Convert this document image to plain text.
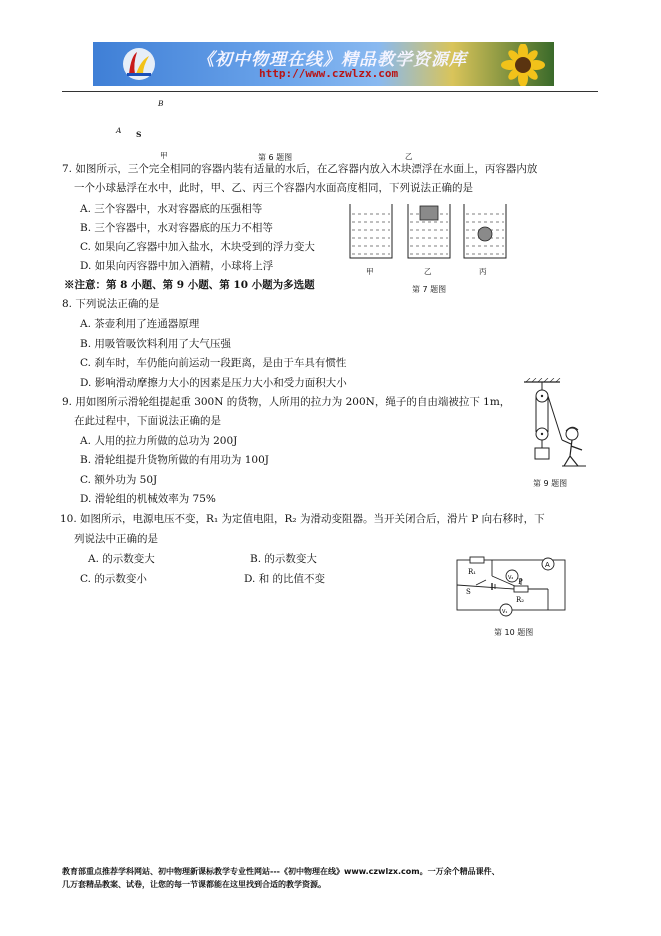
《初中物理在线》精品教学资源库
http://www.czwlzx.com
B
A S
甲	第 6 题图	乙
7. 如图所示，三个完全相同的容器内装有适量的水后，在乙容器内放入木块漂浮在水面上，丙容器内放
一个小球悬浮在水中，此时，甲、乙、丙三个容器内水面高度相同，下列说法正确的是
A. 三个容器中，水对容器底的压强相等
B. 三个容器中，水对容器底的压力不相等
C. 如果向乙容器中加入盐水，木块受到的浮力变大
D. 如果向丙容器中加入酒精，小球将上浮	甲	乙	丙
第 7 题图
※注意：第 8 小题、第 9 小题、第 10 小题为多选题
8. 下列说法正确的是
A. 茶壶利用了连通器原理
B. 用吸管吸饮料利用了大气压强
C. 刹车时，车仍能向前运动一段距离，是由于车具有惯性
D. 影响滑动摩擦力大小的因素是压力大小和受力面积大小
9. 用如图所示滑轮组提起重 300N 的货物，人所用的拉力为 200N，绳子的自由端被拉下 1m，
在此过程中，下面说法正确的是
A. 人用的拉力所做的总功为 200J
B. 滑轮组提升货物所做的有用功为 100J
C. 额外功为 50J
D. 滑轮组的机械效率为 75%
第 9 题图
10. 如图所示，电源电压不变，R₁ 为定值电阻，R₂ 为滑动变阻器。当开关闭合后，滑片 P 向右移时，下
列说法中正确的是
A. 的示数变大	B. 的示数变大
C. 的示数变小	D. 和 的比值不变
R₁
V₂
A
P
S
R₂
V₁
第 10 题图
教育部重点推荐学科网站、初中物理新课标教学专业性网站---《初中物理在线》www.czwlzx.com。一万余个精品课件、
几万套精品教案、试卷，让您的每一节课都能在这里找到合适的教学资源。
